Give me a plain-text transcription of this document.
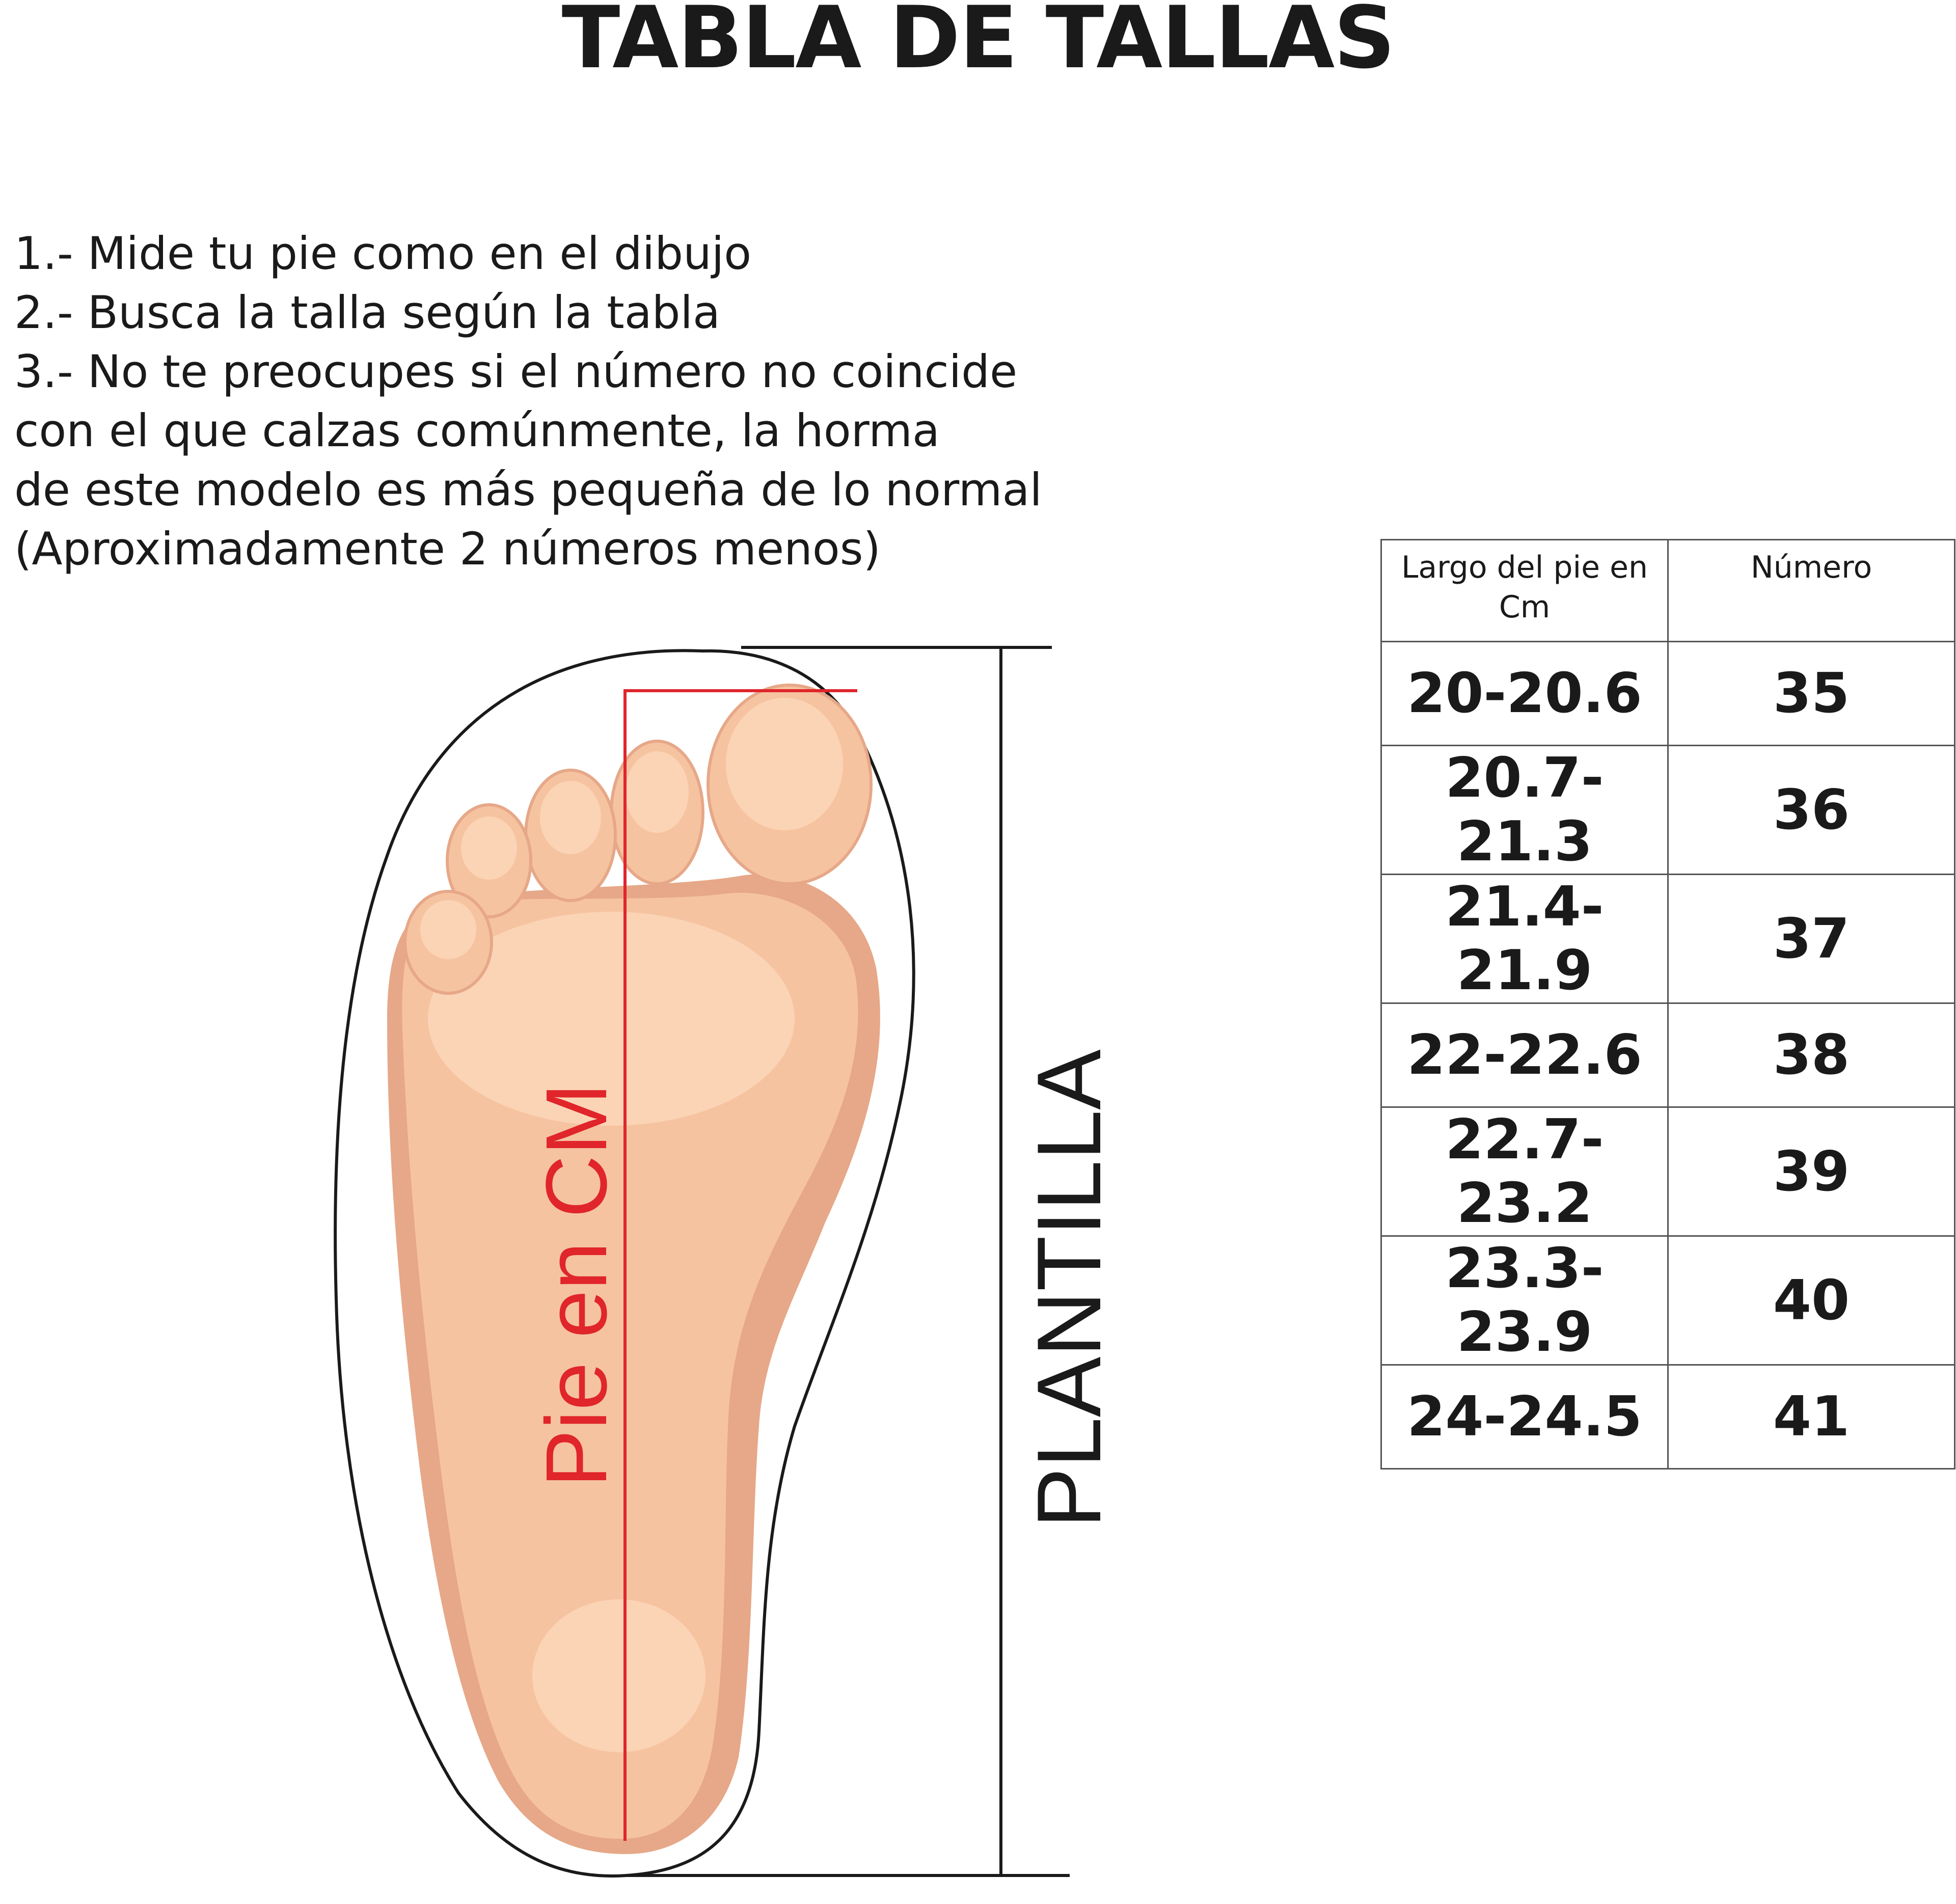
TABLA DE TALLAS
1.- Mide tu pie como en el dibujo
2.- Busca la talla según la tabla
3.- No te preocupes si el número no coincide
con el que calzas comúnmente, la horma
de este modelo es más pequeña de lo normal
(Aproximadamente 2 números menos)
Pie en CM	PLANTILLA
Largo del pie en Cm	Número
20-20.6	35
20.7-21.3	36
21.4-21.9	37
22-22.6	38
22.7-23.2	39
23.3-23.9	40
24-24.5	41
